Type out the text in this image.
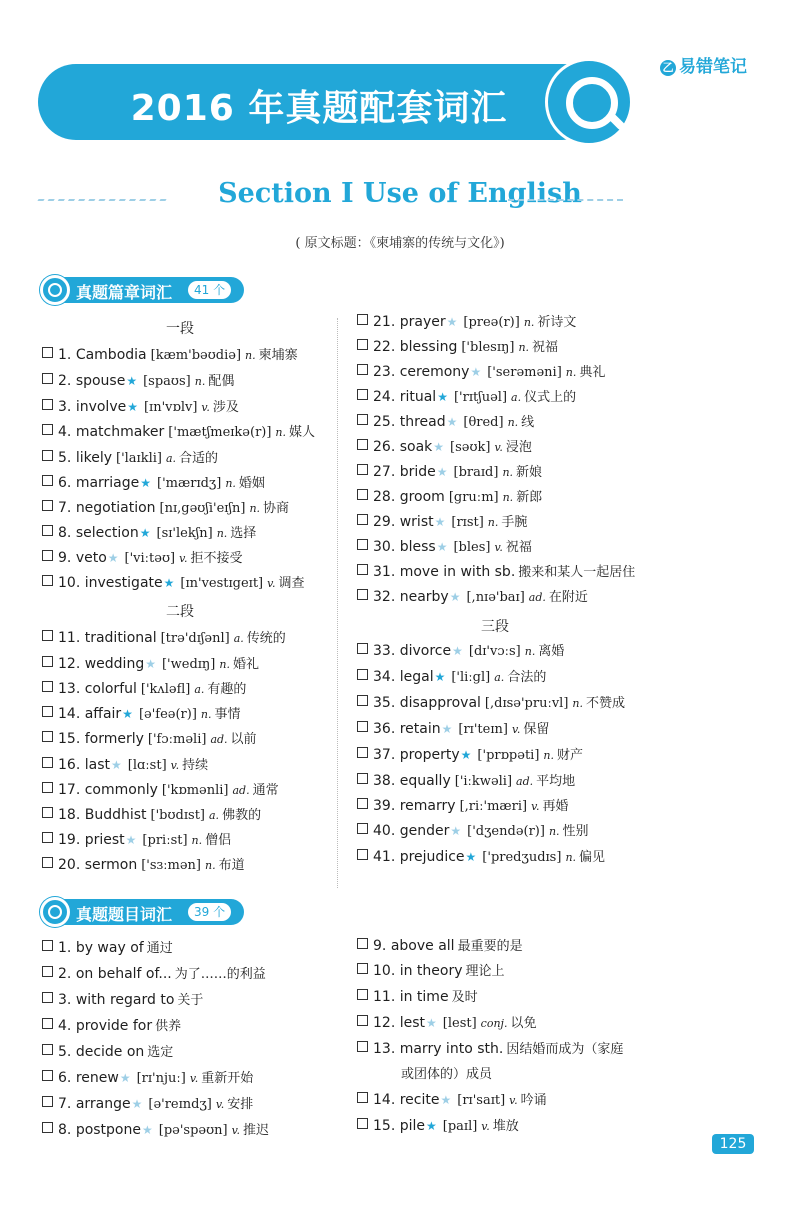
2016 年真题配套词汇
乙 易错笔记
Section Ⅰ Use of English
( 原文标题：《柬埔寨的传统与文化》)
真题篇章词汇	41 个
一段
二段
三段
1. Cambodia [kæm'bəʊdiə] n. 柬埔寨
2. spouse★ [spaʊs] n. 配偶
3. involve★ [ɪn'vɒlv] v. 涉及
4. matchmaker ['mætʃmeɪkə(r)] n. 媒人
5. likely ['laɪkli] a. 合适的
6. marriage★ ['mærɪdʒ] n. 婚姻
7. negotiation [nɪ,gəʊʃi'eɪʃn] n. 协商
8. selection★ [sɪ'lekʃn] n. 选择
9. veto★ ['viːtəʊ] v. 拒不接受
10. investigate★ [ɪn'vestɪgeɪt] v. 调查
11. traditional [trə'dɪʃənl] a. 传统的
12. wedding★ ['wedɪŋ] n. 婚礼
13. colorful ['kʌləfl] a. 有趣的
14. affair★ [ə'feə(r)] n. 事情
15. formerly ['fɔːməli] ad. 以前
16. last★ [lɑːst] v. 持续
17. commonly ['kɒmənli] ad. 通常
18. Buddhist ['bʊdɪst] a. 佛教的
19. priest★ [priːst] n. 僧侣
20. sermon ['sɜːmən] n. 布道
21. prayer★ [preə(r)] n. 祈诗文
22. blessing ['blesɪŋ] n. 祝福
23. ceremony★ ['serəməni] n. 典礼
24. ritual★ ['rɪtʃuəl] a. 仪式上的
25. thread★ [θred] n. 线
26. soak★ [səʊk] v. 浸泡
27. bride★ [braɪd] n. 新娘
28. groom [gruːm] n. 新郎
29. wrist★ [rɪst] n. 手腕
30. bless★ [bles] v. 祝福
31. move in with sb. 搬来和某人一起居住
32. nearby★ [,nɪə'baɪ] ad. 在附近
33. divorce★ [dɪ'vɔːs] n. 离婚
34. legal★ ['liːgl] a. 合法的
35. disapproval [,dɪsə'pruːvl] n. 不赞成
36. retain★ [rɪ'teɪn] v. 保留
37. property★ ['prɒpəti] n. 财产
38. equally ['iːkwəli] ad. 平均地
39. remarry [,riː'mæri] v. 再婚
40. gender★ ['dʒendə(r)] n. 性别
41. prejudice★ ['predʒudɪs] n. 偏见
真题题目词汇	39 个
1. by way of 通过
2. on behalf of... 为了……的利益
3. with regard to 关于
4. provide for 供养
5. decide on 选定
6. renew★ [rɪ'njuː] v. 重新开始
7. arrange★ [ə'reɪndʒ] v. 安排
8. postpone★ [pə'spəʊn] v. 推迟
9. above all 最重要的是
10. in theory 理论上
11. in time 及时
12. lest★ [lest] conj. 以免
13. marry into sth. 因结婚而成为（家庭
或团体的）成员
14. recite★ [rɪ'saɪt] v. 吟诵
15. pile★ [paɪl] v. 堆放
125
